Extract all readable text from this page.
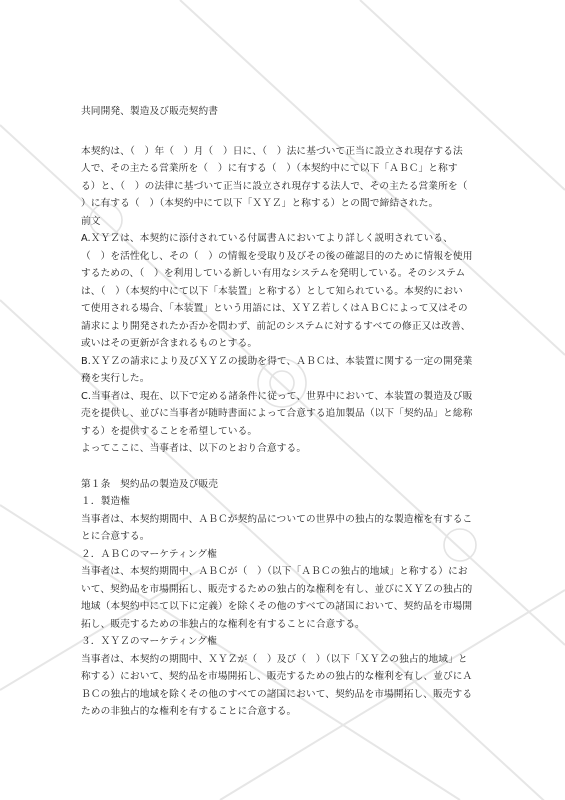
共同開発、製造及び販売契約書
本契約は、（　）年（　）月（　）日に、（　）法に基づいて正当に設立され現存する法
人で、その主たる営業所を（　）に有する（　）（本契約中にて以下「ＡＢＣ」と称す
る）と、（　）の法律に基づいて正当に設立され現存する法人で、その主たる営業所を（
）に有する（　）（本契約中にて以下「ＸＹＺ」と称する）との間で締結された。
前文
A.ＸＹＺは、本契約に添付されている付属書Ａにおいてより詳しく説明されている、
（　）を活性化し、その（　）の情報を受取り及びその後の確認目的のために情報を使用
するための、（　）を利用している新しい有用なシステムを発明している。そのシステム
は、（　）（本契約中にて以下「本装置」と称する）として知られている。本契約におい
て使用される場合、「本装置」という用語には、ＸＹＺ若しくはＡＢＣによって又はその
請求により開発されたか否かを問わず、前記のシステムに対するすべての修正又は改善、
或いはその更新が含まれるものとする。
B.ＸＹＺの請求により及びＸＹＺの援助を得て、ＡＢＣは、本装置に関する一定の開発業
務を実行した。
C.当事者は、現在、以下で定める諸条件に従って、世界中において、本装置の製造及び販
売を提供し、並びに当事者が随時書面によって合意する追加製品（以下「契約品」と総称
する）を提供することを希望している。
よってここに、当事者は、以下のとおり合意する。
第１条　契約品の製造及び販売
１．製造権
当事者は、本契約期間中、ＡＢＣが契約品についての世界中の独占的な製造権を有するこ
とに合意する。
２．ＡＢＣのマーケティング権
当事者は、本契約期間中、ＡＢＣが（　）（以下「ＡＢＣの独占的地域」と称する）にお
いて、契約品を市場開拓し、販売するための独占的な権利を有し、並びにＸＹＺの独占的
地域（本契約中にて以下に定義）を除くその他のすべての諸国において、契約品を市場開
拓し、販売するための非独占的な権利を有することに合意する。
３．ＸＹＺのマーケティング権
当事者は、本契約の期間中、ＸＹＺが（　）及び（　）（以下「ＸＹＺの独占的地域」と
称する）において、契約品を市場開拓し、販売するための独占的な権利を有し、並びにＡ
ＢＣの独占的地域を除くその他のすべての諸国において、契約品を市場開拓し、販売する
ための非独占的な権利を有することに合意する。
